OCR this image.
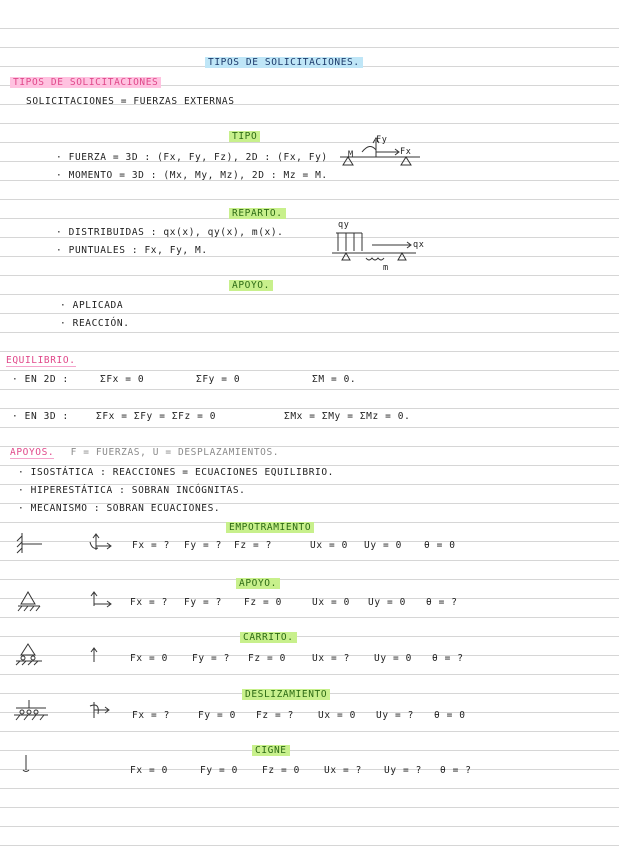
TIPOS DE SOLICITACIONES.
TIPOS DE SOLICITACIONES
SOLICITACIONES = FUERZAS EXTERNAS
TIPO
· FUERZA = 3D : (Fx, Fy, Fz), 2D : (Fx, Fy)
· MOMENTO = 3D : (Mx, My, Mz), 2D : Mz = M.
M
Fy
Fx
REPARTO.
· DISTRIBUIDAS : qx(x), qy(x), m(x).
· PUNTUALES : Fx, Fy, M.
qy
qx
m
APOYO.
· APLICADA
· REACCIÓN.
EQUILIBRIO.
· EN 2D :	ΣFx = 0	ΣFy = 0	ΣM = 0.
· EN 3D :	ΣFx = ΣFy = ΣFz = 0	ΣMx = ΣMy = ΣMz = 0.
APOYOS. F = FUERZAS, U = DESPLAZAMIENTOS.
· ISOSTÁTICA : REACCIONES = ECUACIONES EQUILIBRIO.
· HIPERESTÁTICA : SOBRAN INCÓGNITAS.
· MECANISMO : SOBRAN ECUACIONES.
EMPOTRAMIENTO
Fx = ? Fy = ? Fz = ?	Ux = 0 Uy = 0 θ = 0
APOYO.
Fx = ? Fy = ? Fz = 0	Ux = 0 Uy = 0 θ = ?
CARRITO.
Fx = 0	Fy = ? Fz = 0	Ux = ?	Uy = 0 θ = ?
DESLIZAMIENTO
Fx = ?	Fy = 0 Fz = ?	Ux = 0 Uy = ? θ = 0
CIGNE
Fx = 0	Fy = 0	Fz = 0	Ux = ? Uy = ? θ = ?
